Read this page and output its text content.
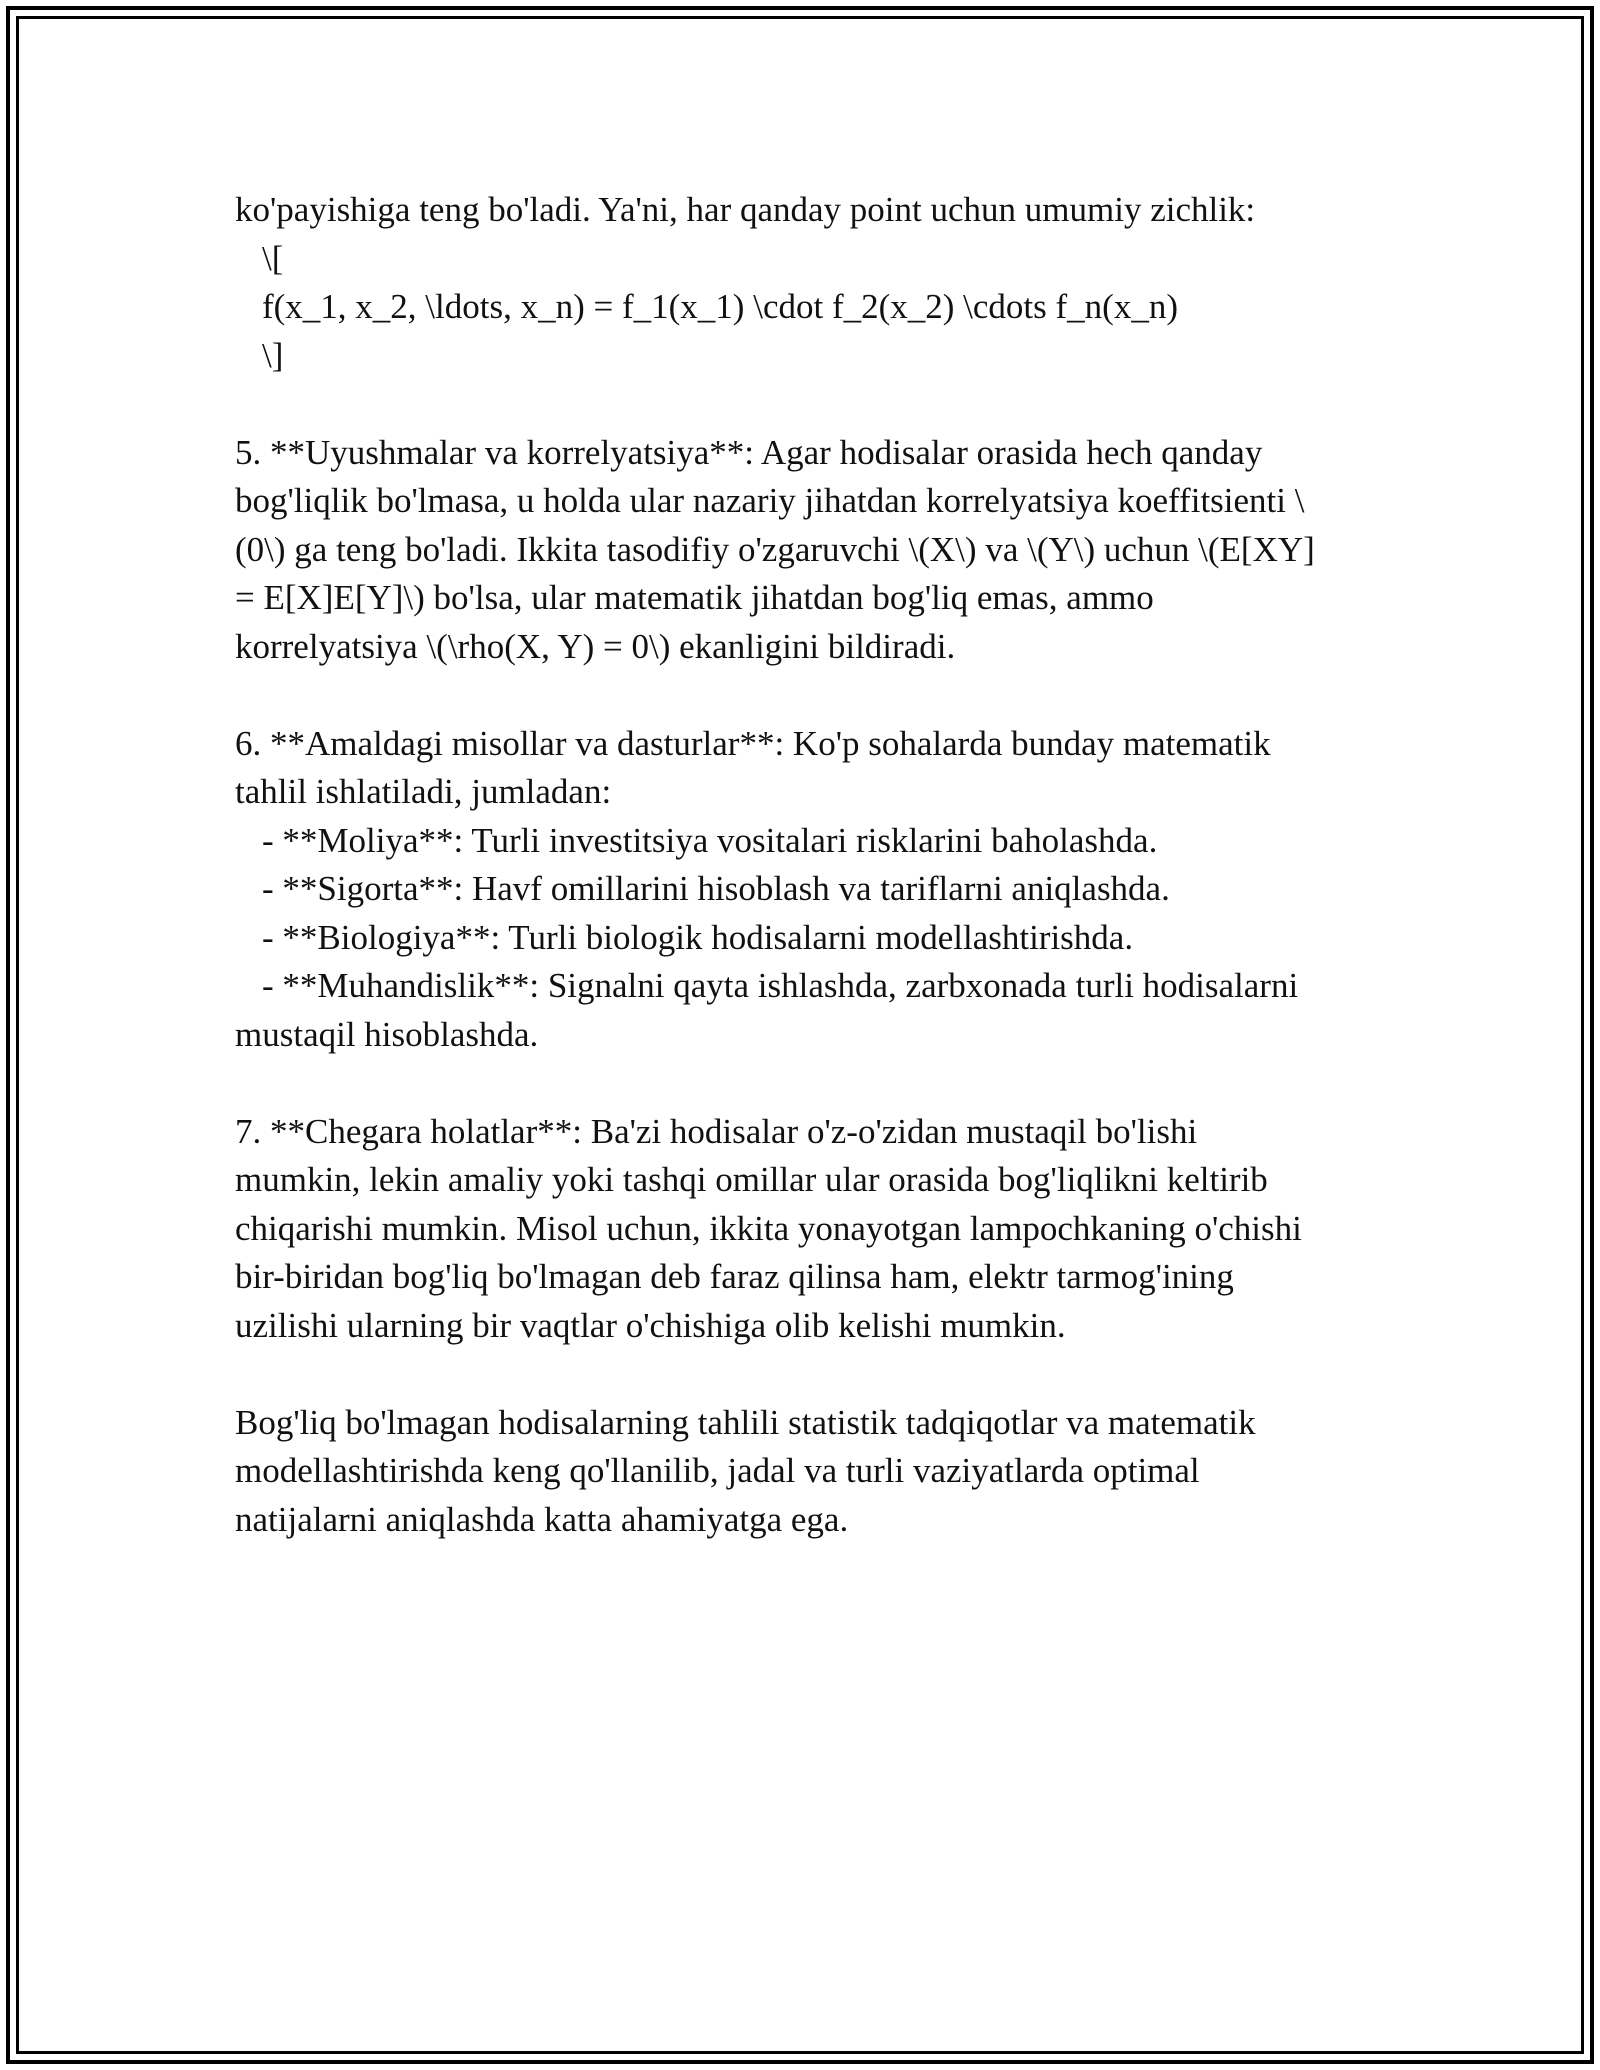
ko'payishiga teng bo'ladi. Ya'ni, har qanday point uchun umumiy zichlik:
\[
f(x_1, x_2, \ldots, x_n) = f_1(x_1) \cdot f_2(x_2) \cdots f_n(x_n)
\]
5. **Uyushmalar va korrelyatsiya**: Agar hodisalar orasida hech qanday
bog'liqlik bo'lmasa, u holda ular nazariy jihatdan korrelyatsiya koeffitsienti \
(0\) ga teng bo'ladi. Ikkita tasodifiy o'zgaruvchi \(X\) va \(Y\) uchun \(E[XY]
= E[X]E[Y]\) bo'lsa, ular matematik jihatdan bog'liq emas, ammo
korrelyatsiya \(\rho(X, Y) = 0\) ekanligini bildiradi.
6. **Amaldagi misollar va dasturlar**: Ko'p sohalarda bunday matematik
tahlil ishlatiladi, jumladan:
- **Moliya**: Turli investitsiya vositalari risklarini baholashda.
- **Sigorta**: Havf omillarini hisoblash va tariflarni aniqlashda.
- **Biologiya**: Turli biologik hodisalarni modellashtirishda.
- **Muhandislik**: Signalni qayta ishlashda, zarbxonada turli hodisalarni
mustaqil hisoblashda.
7. **Chegara holatlar**: Ba'zi hodisalar o'z-o'zidan mustaqil bo'lishi
mumkin, lekin amaliy yoki tashqi omillar ular orasida bog'liqlikni keltirib
chiqarishi mumkin. Misol uchun, ikkita yonayotgan lampochkaning o'chishi
bir-biridan bog'liq bo'lmagan deb faraz qilinsa ham, elektr tarmog'ining
uzilishi ularning bir vaqtlar o'chishiga olib kelishi mumkin.
Bog'liq bo'lmagan hodisalarning tahlili statistik tadqiqotlar va matematik
modellashtirishda keng qo'llanilib, jadal va turli vaziyatlarda optimal
natijalarni aniqlashda katta ahamiyatga ega.
